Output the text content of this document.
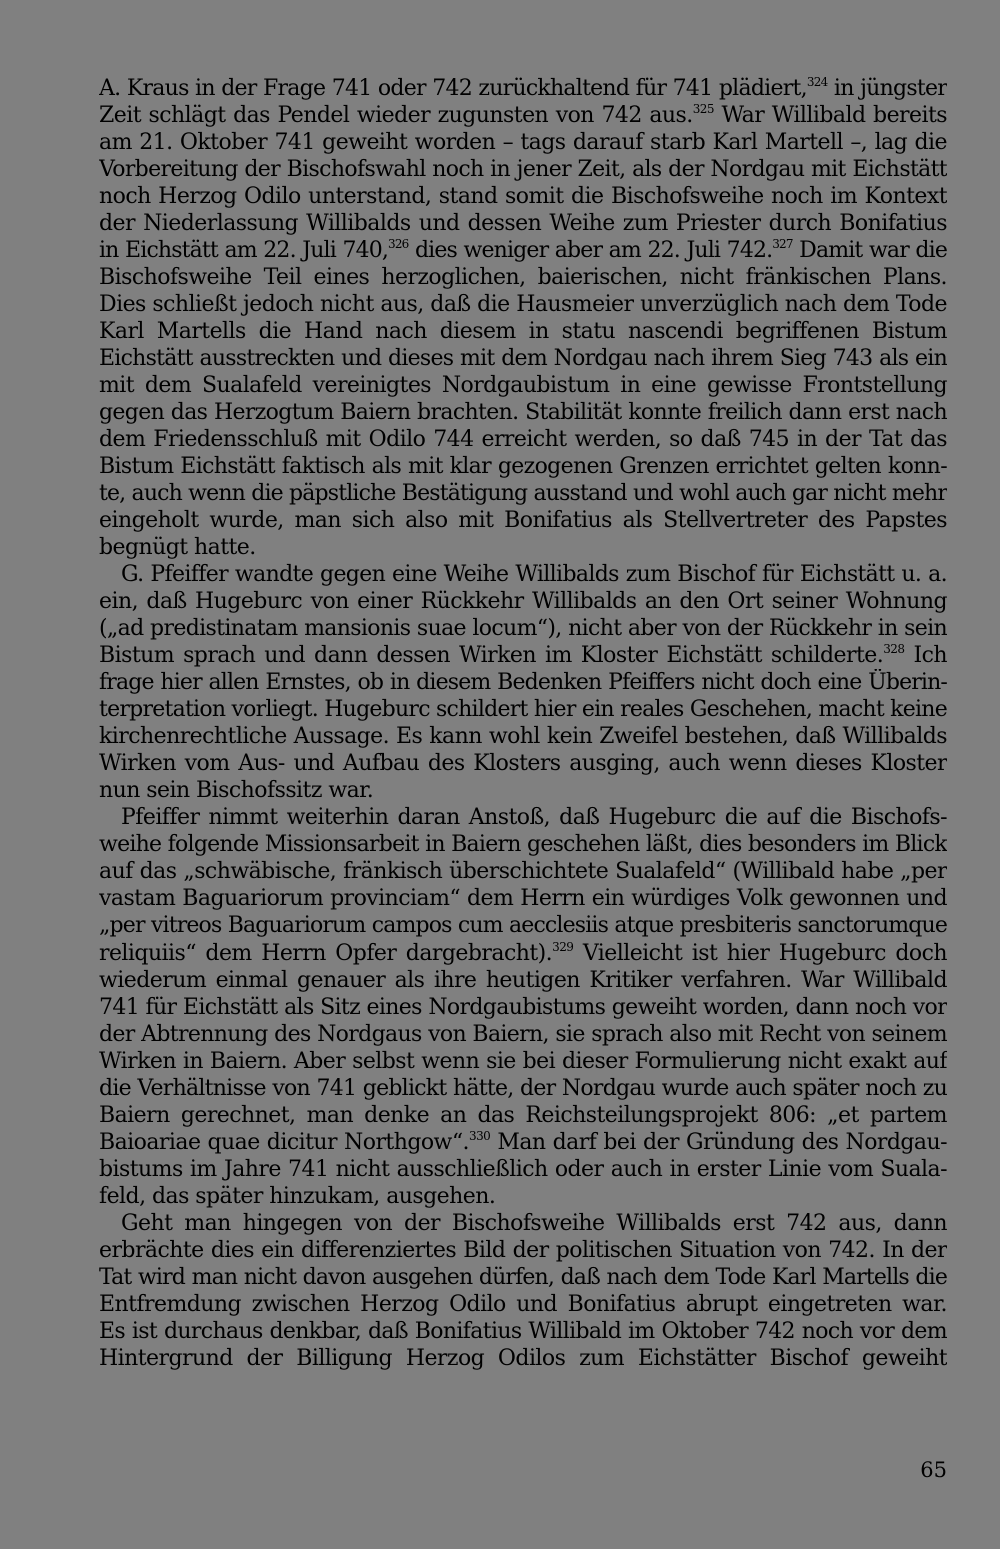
A. Kraus in der Frage 741 oder 742 zurückhaltend für 741 plädiert,$^{324}$ in jüngster
Zeit schlägt das Pendel wieder zugunsten von 742 aus.$^{325}$ War Willibald bereits
am 21. Oktober 741 geweiht worden – tags darauf starb Karl Martell –, lag die
Vorbereitung der Bischofswahl noch in jener Zeit, als der Nordgau mit Eichstätt
noch Herzog Odilo unterstand, stand somit die Bischofsweihe noch im Kontext
der Niederlassung Willibalds und dessen Weihe zum Priester durch Bonifatius
in Eichstätt am 22. Juli 740,$^{326}$ dies weniger aber am 22. Juli 742.$^{327}$ Damit war die
Bischofsweihe Teil eines herzoglichen, baierischen, nicht fränkischen Plans.
Dies schließt jedoch nicht aus, daß die Hausmeier unverzüglich nach dem Tode
Karl Martells die Hand nach diesem in statu nascendi begriffenen Bistum
Eichstätt ausstreckten und dieses mit dem Nordgau nach ihrem Sieg 743 als ein
mit dem Sualafeld vereinigtes Nordgaubistum in eine gewisse Frontstellung
gegen das Herzogtum Baiern brachten. Stabilität konnte freilich dann erst nach
dem Friedensschluß mit Odilo 744 erreicht werden, so daß 745 in der Tat das
Bistum Eichstätt faktisch als mit klar gezogenen Grenzen errichtet gelten konn-
te, auch wenn die päpstliche Bestätigung ausstand und wohl auch gar nicht mehr
eingeholt wurde, man sich also mit Bonifatius als Stellvertreter des Papstes
begnügt hatte.
G. Pfeiffer wandte gegen eine Weihe Willibalds zum Bischof für Eichstätt u. a.
ein, daß Hugeburc von einer Rückkehr Willibalds an den Ort seiner Wohnung
(„ad predistinatam mansionis suae locum“), nicht aber von der Rückkehr in sein
Bistum sprach und dann dessen Wirken im Kloster Eichstätt schilderte.$^{328}$ Ich
frage hier allen Ernstes, ob in diesem Bedenken Pfeiffers nicht doch eine Überin-
terpretation vorliegt. Hugeburc schildert hier ein reales Geschehen, macht keine
kirchenrechtliche Aussage. Es kann wohl kein Zweifel bestehen, daß Willibalds
Wirken vom Aus- und Aufbau des Klosters ausging, auch wenn dieses Kloster
nun sein Bischofssitz war.
Pfeiffer nimmt weiterhin daran Anstoß, daß Hugeburc die auf die Bischofs-
weihe folgende Missionsarbeit in Baiern geschehen läßt, dies besonders im Blick
auf das „schwäbische, fränkisch überschichtete Sualafeld“ (Willibald habe „per
vastam Baguariorum provinciam“ dem Herrn ein würdiges Volk gewonnen und
„per vitreos Baguariorum campos cum aecclesiis atque presbiteris sanctorumque
reliquiis“ dem Herrn Opfer dargebracht).$^{329}$ Vielleicht ist hier Hugeburc doch
wiederum einmal genauer als ihre heutigen Kritiker verfahren. War Willibald
741 für Eichstätt als Sitz eines Nordgaubistums geweiht worden, dann noch vor
der Abtrennung des Nordgaus von Baiern, sie sprach also mit Recht von seinem
Wirken in Baiern. Aber selbst wenn sie bei dieser Formulierung nicht exakt auf
die Verhältnisse von 741 geblickt hätte, der Nordgau wurde auch später noch zu
Baiern gerechnet, man denke an das Reichsteilungsprojekt 806: „et partem
Baioariae quae dicitur Northgow“.$^{330}$ Man darf bei der Gründung des Nordgau-
bistums im Jahre 741 nicht ausschließlich oder auch in erster Linie vom Suala-
feld, das später hinzukam, ausgehen.
Geht man hingegen von der Bischofsweihe Willibalds erst 742 aus, dann
erbrächte dies ein differenziertes Bild der politischen Situation von 742. In der
Tat wird man nicht davon ausgehen dürfen, daß nach dem Tode Karl Martells die
Entfremdung zwischen Herzog Odilo und Bonifatius abrupt eingetreten war.
Es ist durchaus denkbar, daß Bonifatius Willibald im Oktober 742 noch vor dem
Hintergrund der Billigung Herzog Odilos zum Eichstätter Bischof geweiht
65
